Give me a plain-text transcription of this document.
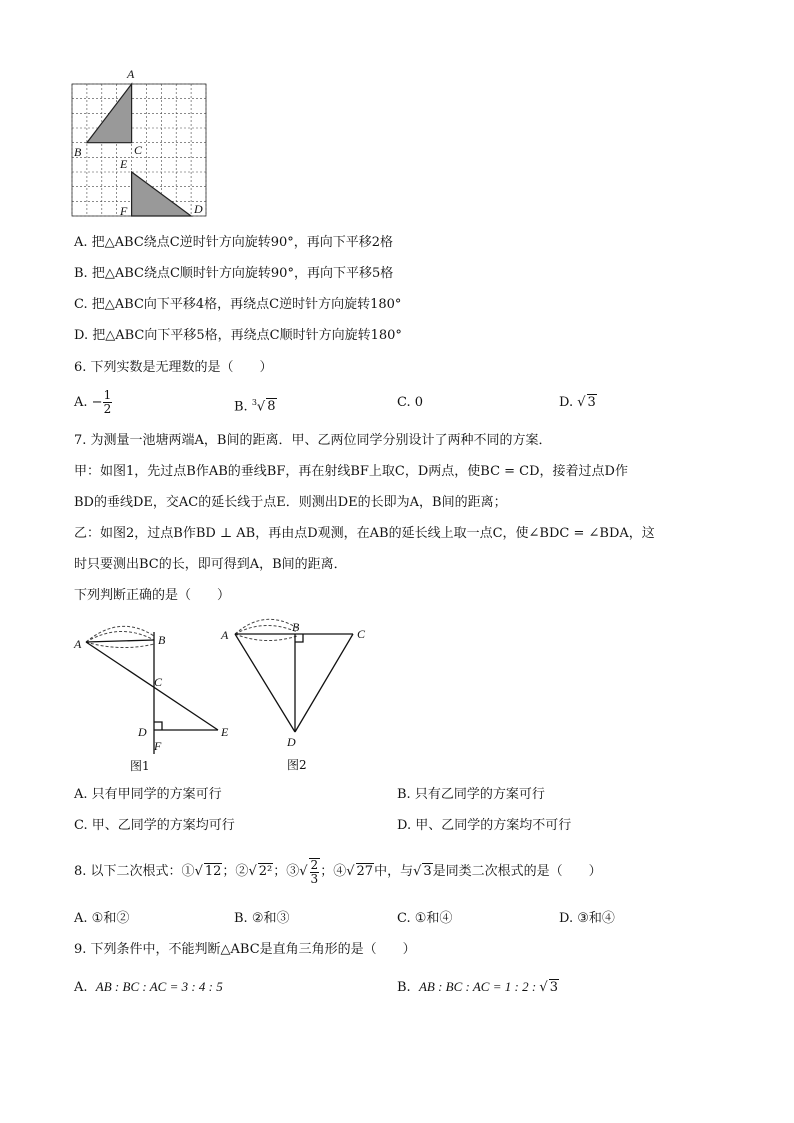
A
B	C
E
F	D
A. 把△ABC绕点C逆时针方向旋转90°，再向下平移2格
B. 把△ABC绕点C顺时针方向旋转90°，再向下平移5格
C. 把△ABC向下平移4格，再绕点C逆时针方向旋转180°
D. 把△ABC向下平移5格，再绕点C顺时针方向旋转180°
6. 下列实数是无理数的是（　　）
A. − $\frac{1}{2}$	B. $^3$√ 8	C. 0	D. √ 3
7. 为测量一池塘两端A，B间的距离．甲、乙两位同学分别设计了两种不同的方案．
甲：如图1，先过点B作AB的垂线BF，再在射线BF上取C，D两点，使BC = CD，接着过点D作
BD的垂线DE，交AC的延长线于点E．则测出DE的长即为A，B间的距离；
乙：如图2，过点B作BD ⊥ AB，再由点D观测，在AB的延长线上取一点C，使∠BDC = ∠BDA，这
时只要测出BC的长，即可得到A，B间的距离．
下列判断正确的是（　　）
A	B
C
D
F
E
图1
A
B	C
D
图2
A. 只有甲同学的方案可行	B. 只有乙同学的方案可行
C. 甲、乙同学的方案均可行	D. 甲、乙同学的方案均不可行
8. 以下二次根式：①√ 12；②√ 2²；③√ $\frac{2}{3}$ ；④√ 27中，与√ 3是同类二次根式的是（　　）
A. ①和②	B. ②和③	C. ①和④	D. ③和④
9. 下列条件中，不能判断△ABC是直角三角形的是（　　）
A. AB : BC : AC = 3 : 4 : 5	B. AB : BC : AC = 1 : 2 : √ 3
